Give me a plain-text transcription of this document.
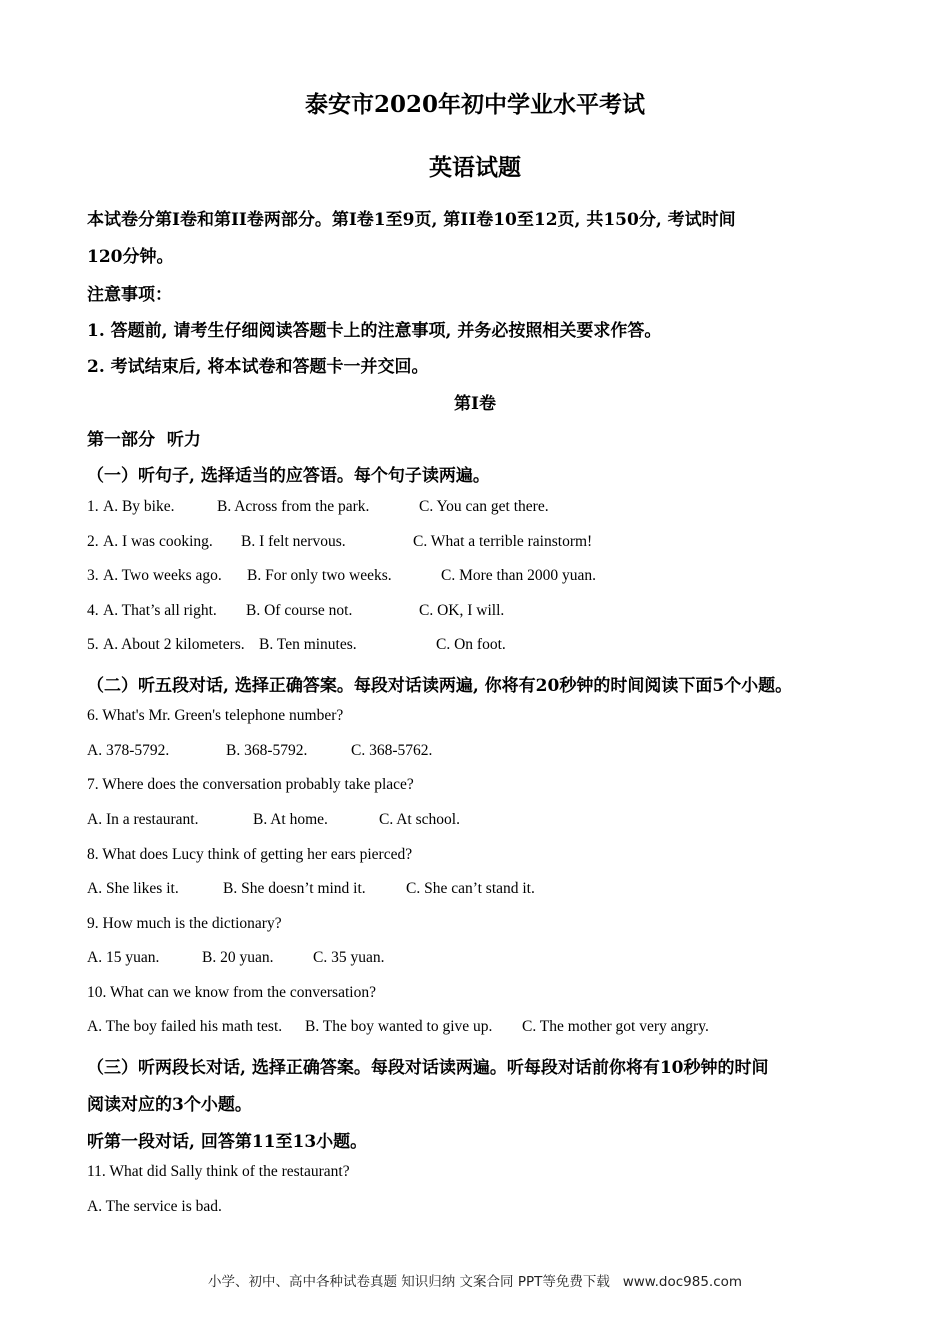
泰安市2020年初中学业水平考试
英语试题
本试卷分第I卷和第II卷两部分。第I卷1至9页, 第II卷10至12页, 共150分, 考试时间
120分钟。
注意事项：
1. 答题前, 请考生仔细阅读答题卡上的注意事项, 并务必按照相关要求作答。
2. 考试结束后, 将本试卷和答题卡一并交回。
第I卷
第一部分  听力
（一）听句子, 选择适当的应答语。每个句子读两遍。
1. A. By bike.	B. Across from the park.	C. You can get there.
2. A. I was cooking. B. I felt nervous.	C. What a terrible rainstorm!
3. A. Two weeks ago. B. For only two weeks.	C. More than 2000 yuan.
4. A. That’s all right. B. Of course not.	C. OK, I will.
5. A. About 2 kilometers. B. Ten minutes.	C. On foot.
（二）听五段对话, 选择正确答案。每段对话读两遍, 你将有20秒钟的时间阅读下面5个小题。
6. What's Mr. Green's telephone number?
A. 378-5792.	B. 368-5792.	C. 368-5762.
7. Where does the conversation probably take place?
A. In a restaurant.	B. At home.	C. At school.
8. What does Lucy think of getting her ears pierced?
A. She likes it.	B. She doesn’t mind it.	C. She can’t stand it.
9. How much is the dictionary?
A. 15 yuan.	B. 20 yuan.	C. 35 yuan.
10. What can we know from the conversation?
A. The boy failed his math test. B. The boy wanted to give up. C. The mother got very angry.
（三）听两段长对话, 选择正确答案。每段对话读两遍。听每段对话前你将有10秒钟的时间
阅读对应的3个小题。
听第一段对话, 回答第11至13小题。
11. What did Sally think of the restaurant?
A. The service is bad.
小学、初中、高中各种试卷真题 知识归纳 文案合同 PPT等免费下载   www.doc985.com
